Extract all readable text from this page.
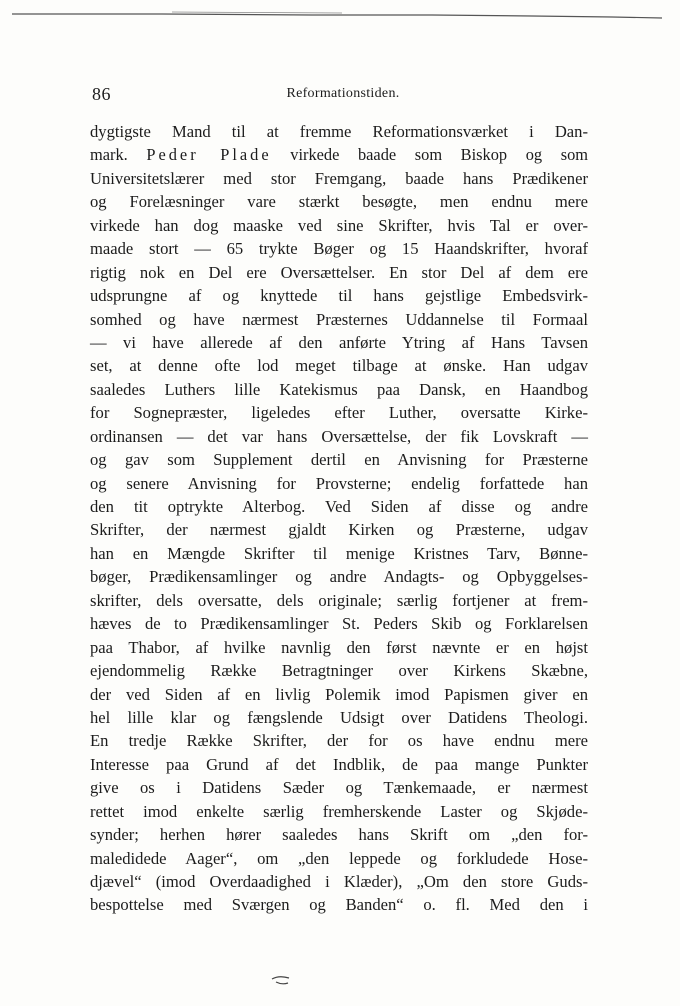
86	Reformationstiden.
dygtigste Mand til at fremme Reformationsværket i Dan-
mark. Peder Plade virkede baade som Biskop og som
Universitetslærer med stor Fremgang, baade hans Prædikener
og Forelæsninger vare stærkt besøgte, men endnu mere
virkede han dog maaske ved sine Skrifter, hvis Tal er over-
maade stort — 65 trykte Bøger og 15 Haandskrifter, hvoraf
rigtig nok en Del ere Oversættelser. En stor Del af dem ere
udsprungne af og knyttede til hans gejstlige Embedsvirk-
somhed og have nærmest Præsternes Uddannelse til Formaal
— vi have allerede af den anførte Ytring af Hans Tavsen
set, at denne ofte lod meget tilbage at ønske. Han udgav
saaledes Luthers lille Katekismus paa Dansk, en Haandbog
for Sognepræster, ligeledes efter Luther, oversatte Kirke-
ordinansen — det var hans Oversættelse, der fik Lovskraft —
og gav som Supplement dertil en Anvisning for Præsterne
og senere Anvisning for Provsterne; endelig forfattede han
den tit optrykte Alterbog. Ved Siden af disse og andre
Skrifter, der nærmest gjaldt Kirken og Præsterne, udgav
han en Mængde Skrifter til menige Kristnes Tarv, Bønne-
bøger, Prædikensamlinger og andre Andagts- og Opbyggelses-
skrifter, dels oversatte, dels originale; særlig fortjener at frem-
hæves de to Prædikensamlinger St. Peders Skib og Forklarelsen
paa Thabor, af hvilke navnlig den først nævnte er en højst
ejendommelig Række Betragtninger over Kirkens Skæbne,
der ved Siden af en livlig Polemik imod Papismen giver en
hel lille klar og fængslende Udsigt over Datidens Theologi.
En tredje Række Skrifter, der for os have endnu mere
Interesse paa Grund af det Indblik, de paa mange Punkter
give os i Datidens Sæder og Tænkemaade, er nærmest
rettet imod enkelte særlig fremherskende Laster og Skjøde-
synder; herhen hører saaledes hans Skrift om „den for-
maledidede Aager“, om „den leppede og forkludede Hose-
djævel“ (imod Overdaadighed i Klæder), „Om den store Guds-
bespottelse med Sværgen og Banden“ o. fl. Med den i
